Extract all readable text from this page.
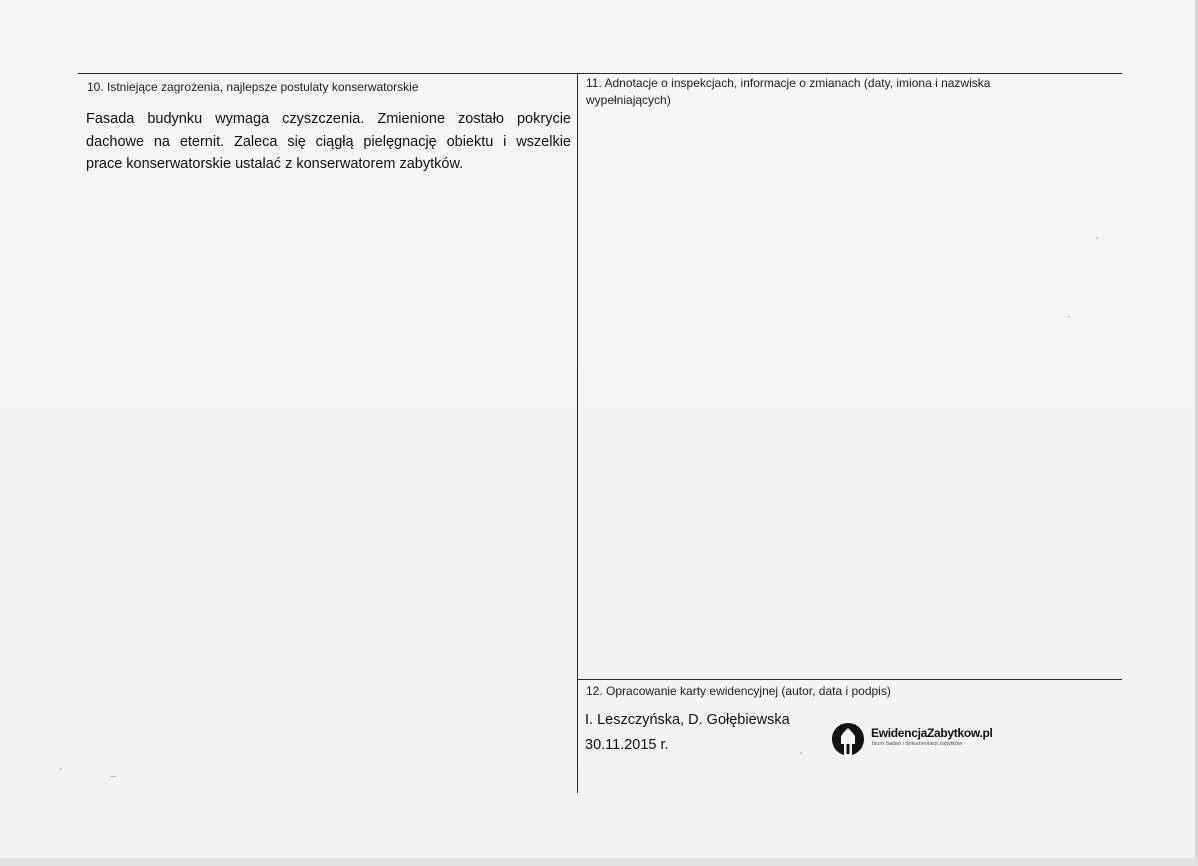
10. Istniejące zagrożenia, najlepsze postulaty konserwatorskie
Fasada budynku wymaga czyszczenia. Zmienione zostało pokrycie
dachowe na eternit. Zaleca się ciągłą pielęgnację obiektu i wszelkie
prace konserwatorskie ustalać z konserwatorem zabytków.
11. Adnotacje o inspekcjach, informacje o zmianach (daty, imiona i nazwiska
wypełniających)
12. Opracowanie karty ewidencyjnej (autor, data i podpis)
I. Leszczyńska, D. Gołębiewska
30.11.2015 r.
EwidencjaZabytkow.pl
biuro badań i dokumentacji zabytków
